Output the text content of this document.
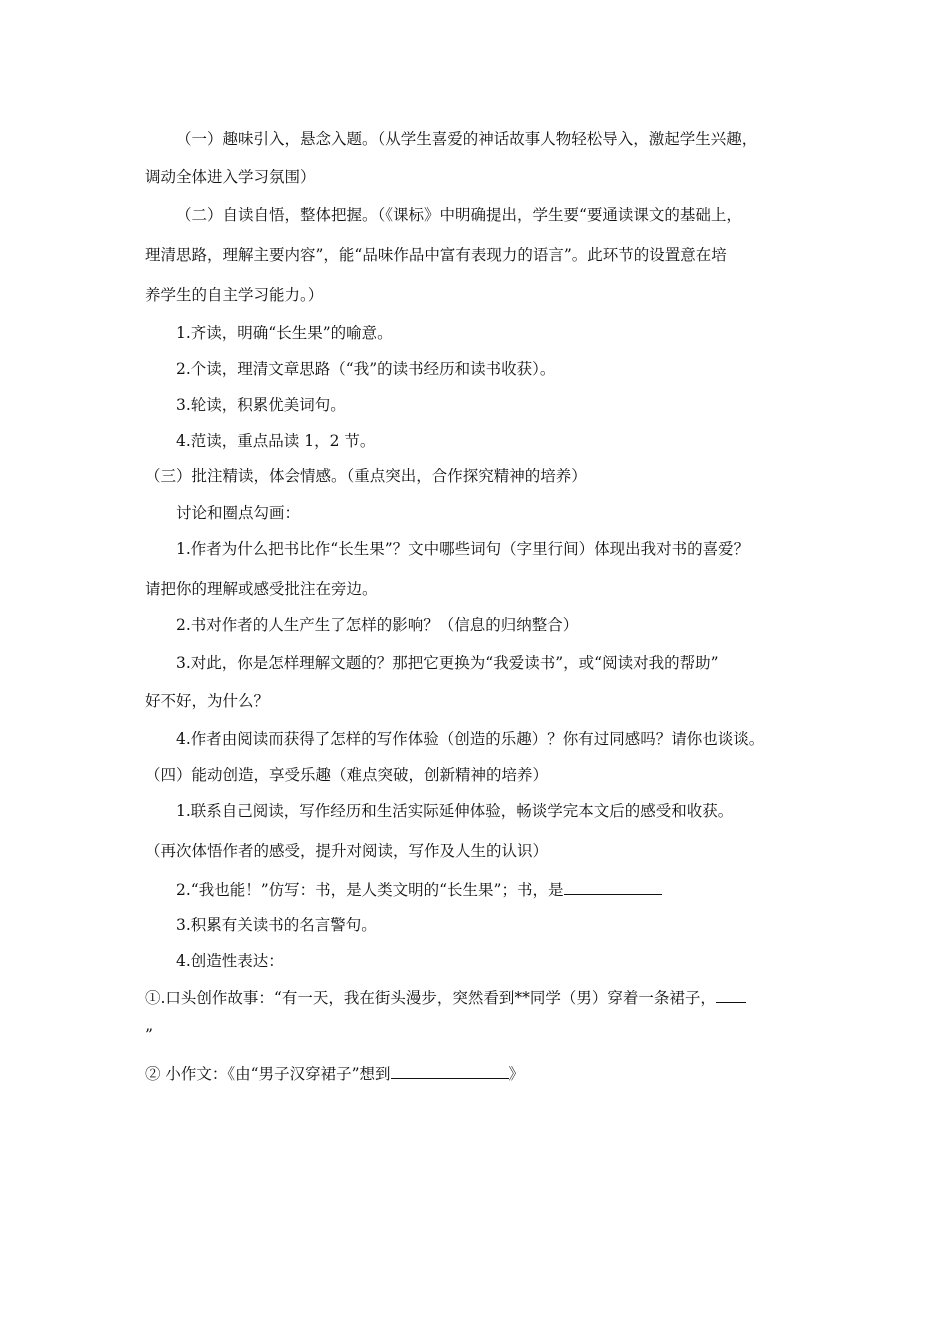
（一）趣味引入，悬念入题。（从学生喜爱的神话故事人物轻松导入，激起学生兴趣，
调动全体进入学习氛围）
（二）自读自悟，整体把握。（《课标》中明确提出，学生要“要通读课文的基础上，
理清思路，理解主要内容”，能“品味作品中富有表现力的语言”。此环节的设置意在培
养学生的自主学习能力。）
1.齐读，明确“长生果”的喻意。
2.个读，理清文章思路（“我”的读书经历和读书收获）。
3.轮读，积累优美词句。
4.范读，重点品读 1，2 节。
（三）批注精读，体会情感。（重点突出，合作探究精神的培养）
讨论和圈点勾画：
1.作者为什么把书比作“长生果”？文中哪些词句（字里行间）体现出我对书的喜爱？
请把你的理解或感受批注在旁边。
2.书对作者的人生产生了怎样的影响？（信息的归纳整合）
3.对此，你是怎样理解文题的？那把它更换为“我爱读书”，或“阅读对我的帮助”
好不好，为什么？
4.作者由阅读而获得了怎样的写作体验（创造的乐趣）？你有过同感吗？请你也谈谈。
（四）能动创造，享受乐趣（难点突破，创新精神的培养）
1.联系自己阅读，写作经历和生活实际延伸体验，畅谈学完本文后的感受和收获。
（再次体悟作者的感受，提升对阅读，写作及人生的认识）
2.“我也能！”仿写：书，是人类文明的“长生果”；书，是
3.积累有关读书的名言警句。
4.创造性表达：
①.口头创作故事：“有一天，我在街头漫步，突然看到**同学（男）穿着一条裙子，
”
② 小作文：《由“男子汉穿裙子”想到	》
